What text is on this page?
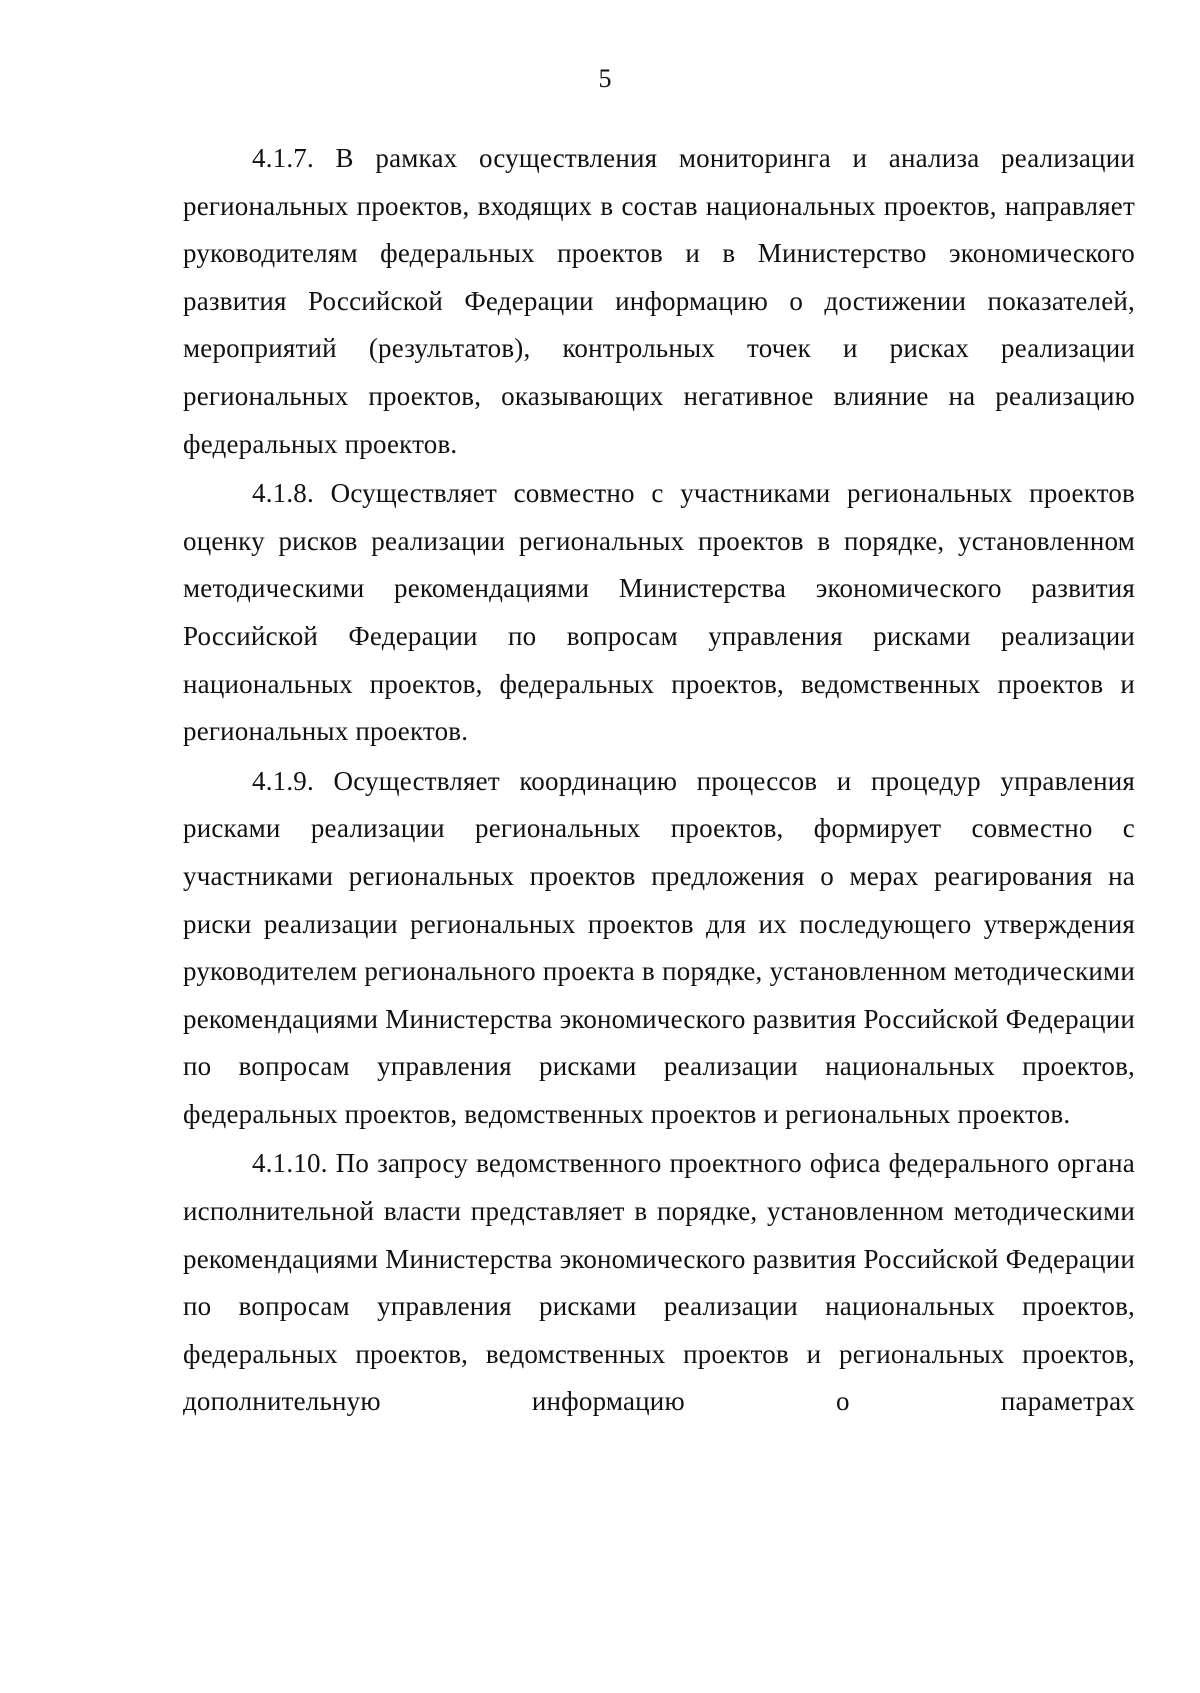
5

4.1.7. В рамках осуществления мониторинга и анализа реализации региональных проектов, входящих в состав национальных проектов, направляет руководителям федеральных проектов и в Министерство экономического развития Российской Федерации информацию о достижении показателей, мероприятий (результатов), контрольных точек и рисках реализации региональных проектов, оказывающих негативное влияние на реализацию федеральных проектов.

4.1.8. Осуществляет совместно с участниками региональных проектов оценку рисков реализации региональных проектов в порядке, установленном методическими рекомендациями Министерства экономического развития Российской Федерации по вопросам управления рисками реализации национальных проектов, федеральных проектов, ведомственных проектов и региональных проектов.

4.1.9. Осуществляет координацию процессов и процедур управления рисками реализации региональных проектов, формирует совместно с участниками региональных проектов предложения о мерах реагирования на риски реализации региональных проектов для их последующего утверждения руководителем регионального проекта в порядке, установленном методическими рекомендациями Министерства экономического развития Российской Федерации по вопросам управления рисками реализации национальных проектов, федеральных проектов, ведомственных проектов и региональных проектов.

4.1.10. По запросу ведомственного проектного офиса федерального органа исполнительной власти представляет в порядке, установленном методическими рекомендациями Министерства экономического развития Российской Федерации по вопросам управления рисками реализации национальных проектов, федеральных проектов, ведомственных проектов и региональных проектов, дополнительную информацию о параметрах
